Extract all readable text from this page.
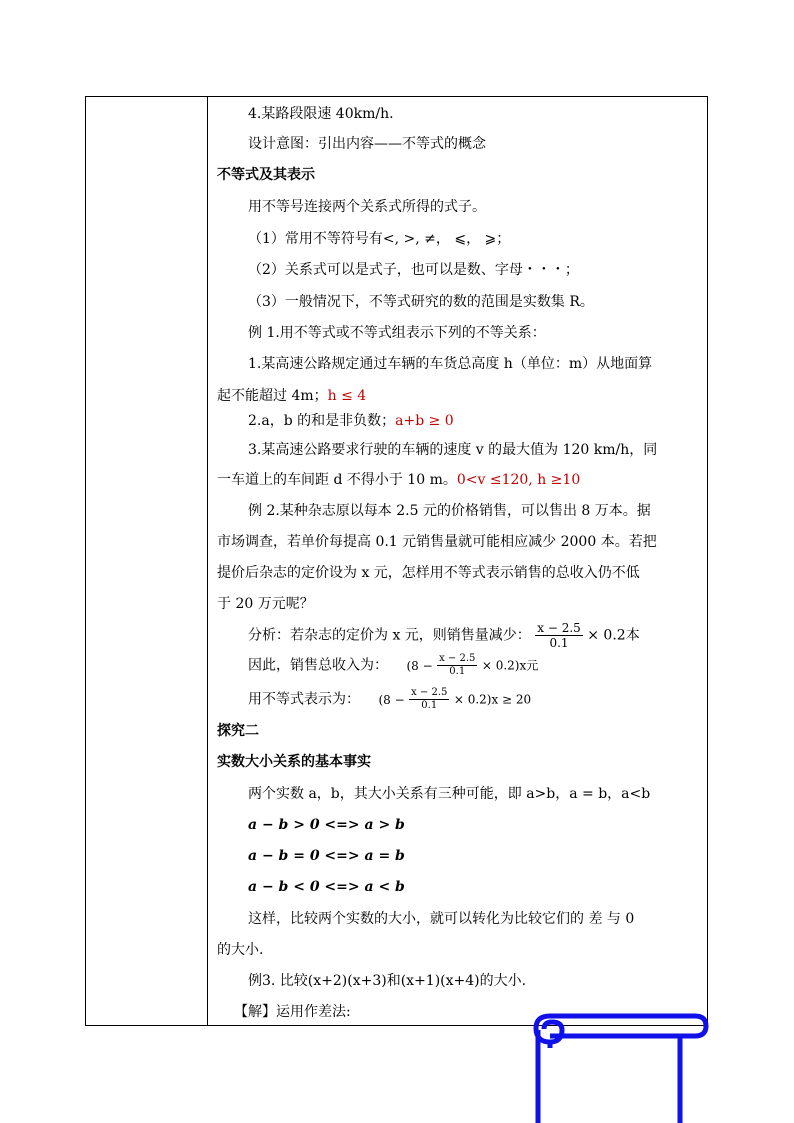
4.某路段限速 40km/h.
设计意图：引出内容——不等式的概念
不等式及其表示
用不等号连接两个关系式所得的式子。
（1）常用不等符号有<, >, ≠， ⩽， ⩾；
（2）关系式可以是式子，也可以是数、字母・・・；
（3）一般情况下，不等式研究的数的范围是实数集 R。
例 1.用不等式或不等式组表示下列的不等关系：
1.某高速公路规定通过车辆的车货总高度 h（单位：m）从地面算
起不能超过 4m；h ≤ 4
2.a，b 的和是非负数；a+b ≥ 0
3.某高速公路要求行驶的车辆的速度 v 的最大值为 120 km/h，同
一车道上的车间距 d 不得小于 10 m。0<v ≤120, h ≥10
例 2.某种杂志原以每本 2.5 元的价格销售，可以售出 8 万本。据
市场调查，若单价每提高 0.1 元销售量就可能相应减少 2000 本。若把
提价后杂志的定价设为 x 元，怎样用不等式表示销售的总收入仍不低
于 20 万元呢？
分析：若杂志的定价为 x 元，则销售量减少： $\frac{x - 2.5}{0.1} \times 0.2$本
因此，销售总收入为： $(8 - \frac{x - 2.5}{0.1} \times 0.2)x$元
用不等式表示为： $(8 - \frac{x - 2.5}{0.1} \times 0.2)x \ge 20$
探究二
实数大小关系的基本事实
两个实数 a，b，其大小关系有三种可能，即 a>b，a = b，a<b
a − b > 0 <=> a > b
a − b = 0 <=> a = b
a − b < 0 <=> a < b
这样，比较两个实数的大小，就可以转化为比较它们的 差 与 0
的大小.
例3. 比较(x+2)(x+3)和(x+1)(x+4)的大小.
【解】运用作差法:
